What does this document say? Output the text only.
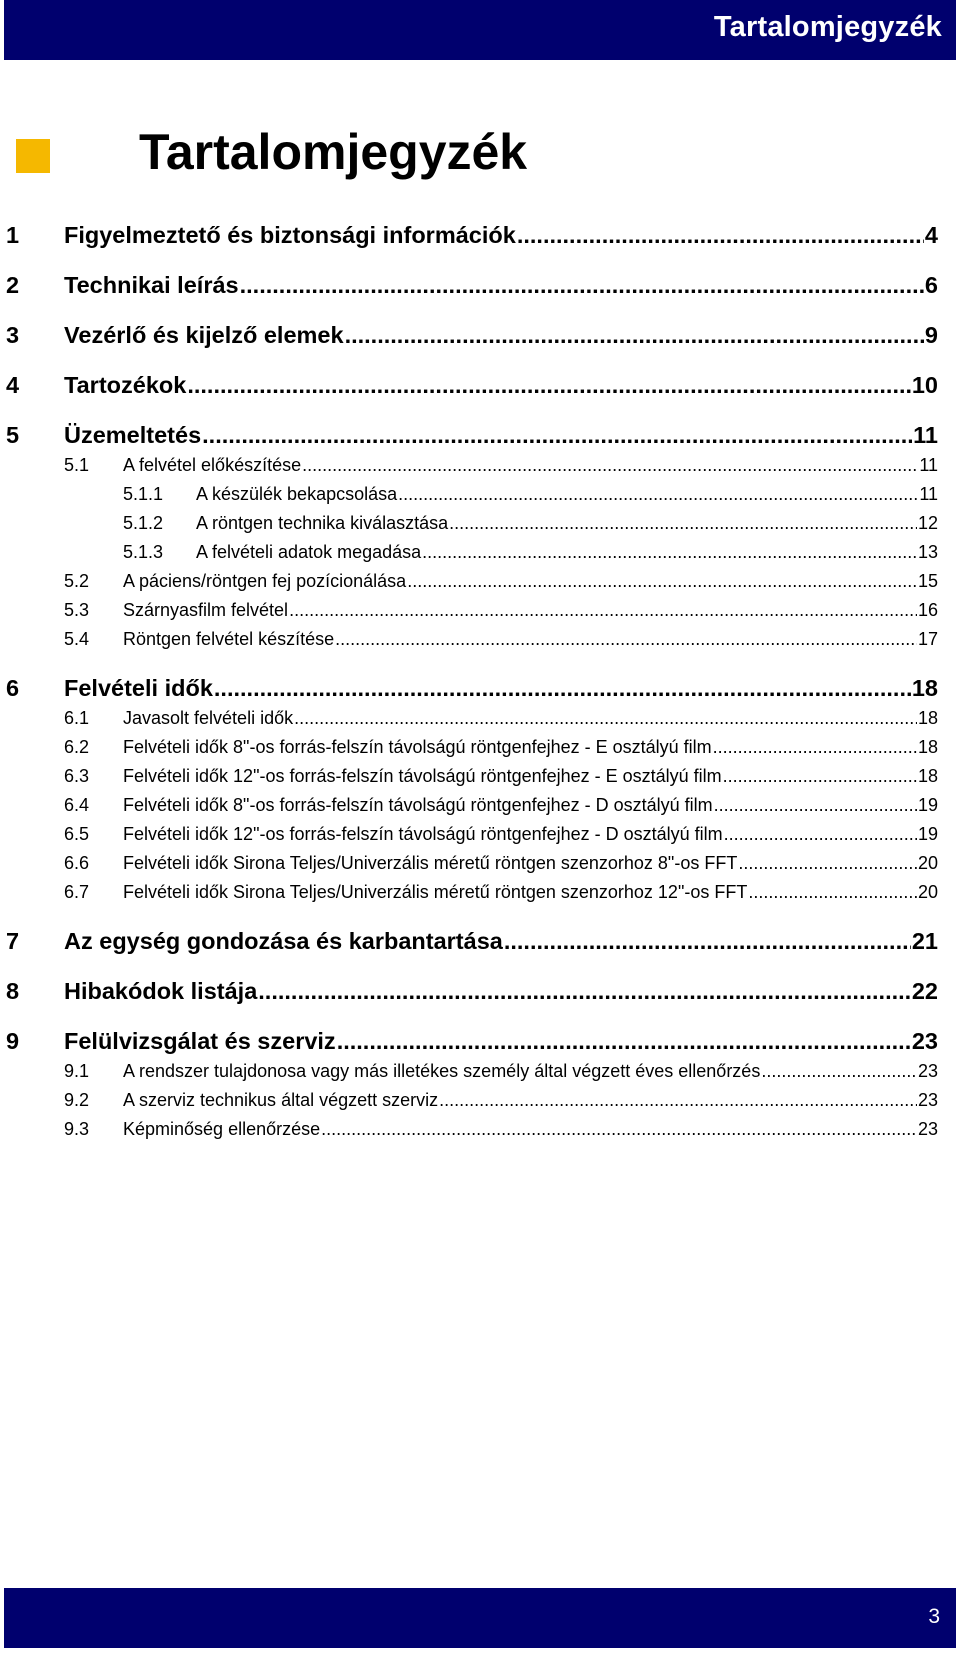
Tartalomjegyzék
Tartalomjegyzék
1 Figyelmeztető és biztonsági információk .....	4
2 Technikai leírás .....	6
3 Vezérlő és kijelző elemek .....	9
4 Tartozékok .....	10
5 Üzemeltetés .....	11
5.1 A felvétel előkészítése .....	11
5.1.1 A készülék bekapcsolása .....	11
5.1.2 A röntgen technika kiválasztása .....	12
5.1.3 A felvételi adatok megadása .....	13
5.2 A páciens/röntgen fej pozícionálása .....	15
5.3 Szárnyasfilm felvétel .....	16
5.4 Röntgen felvétel készítése .....	17
6 Felvételi idők .....	18
6.1 Javasolt felvételi idők .....	18
6.2 Felvételi idők 8"-os forrás-felszín távolságú röntgenfejhez - E osztályú film .....	18
6.3 Felvételi idők 12"-os forrás-felszín távolságú röntgenfejhez - E osztályú film .....	18
6.4 Felvételi idők 8"-os forrás-felszín távolságú röntgenfejhez - D osztályú film .....	19
6.5 Felvételi idők 12"-os forrás-felszín távolságú röntgenfejhez - D osztályú film .....	19
6.6 Felvételi idők Sirona Teljes/Univerzális méretű röntgen szenzorhoz 8"-os FFT .....	20
6.7 Felvételi idők Sirona Teljes/Univerzális méretű röntgen szenzorhoz 12"-os FFT .....	20
7 Az egység gondozása és karbantartása .....	21
8 Hibakódok listája .....	22
9 Felülvizsgálat és szerviz .....	23
9.1 A rendszer tulajdonosa vagy más illetékes személy által végzett éves ellenőrzés .....	23
9.2 A szerviz technikus által végzett szerviz .....	23
9.3 Képminőség ellenőrzése .....	23
3
